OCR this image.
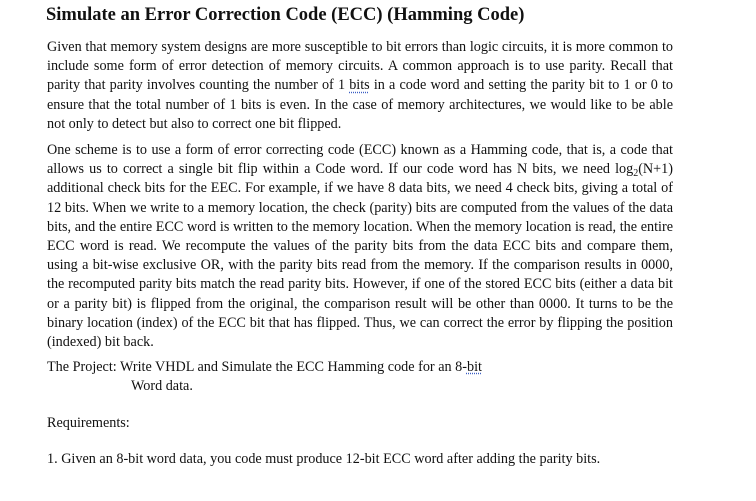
Simulate an Error Correction Code (ECC) (Hamming Code)

Given that memory system designs are more susceptible to bit errors than logic circuits, it is more common to include some form of error detection of memory circuits. A common approach is to use parity. Recall that parity that parity involves counting the number of 1 bits in a code word and setting the parity bit to 1 or 0 to ensure that the total number of 1 bits is even. In the case of memory architectures, we would like to be able not only to detect but also to correct one bit flipped.

One scheme is to use a form of error correcting code (ECC) known as a Hamming code, that is, a code that allows us to correct a single bit flip within a Code word. If our code word has N bits, we need $\log_2(N+1)$ additional check bits for the EEC. For example, if we have 8 data bits, we need 4 check bits, giving a total of 12 bits. When we write to a memory location, the check (parity) bits are computed from the values of the data bits, and the entire ECC word is written to the memory location. When the memory location is read, the entire ECC word is read. We recompute the values of the parity bits from the data ECC bits and compare them, using a bit-wise exclusive OR, with the parity bits read from the memory. If the comparison results in 0000, the recomputed parity bits match the read parity bits. However, if one of the stored ECC bits (either a data bit or a parity bit) is flipped from the original, the comparison result will be other than 0000. It turns to be the binary location (index) of the ECC bit that has flipped. Thus, we can correct the error by flipping the position (indexed) bit back.

The Project: Write VHDL and Simulate the ECC Hamming code for an 8-bit
Word data.
Requirements:
1. Given an 8-bit word data, you code must produce 12-bit ECC word after adding the parity bits.
